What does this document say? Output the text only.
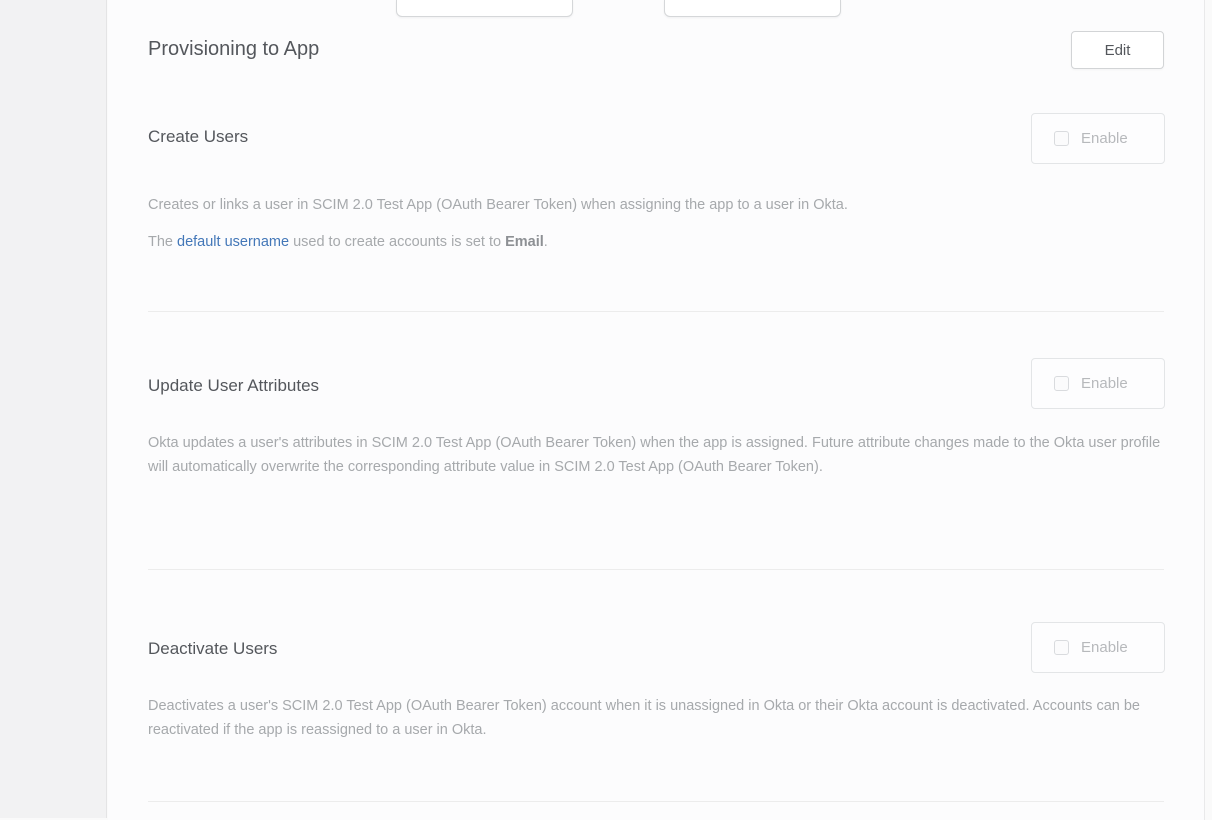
Provisioning to App	Edit
Create Users	Enable
Creates or links a user in SCIM 2.0 Test App (OAuth Bearer Token) when assigning the app to a user in Okta.
The default username used to create accounts is set to Email.
Update User Attributes	Enable
Okta updates a user's attributes in SCIM 2.0 Test App (OAuth Bearer Token) when the app is assigned. Future attribute changes made to the Okta user profile will automatically overwrite the corresponding attribute value in SCIM 2.0 Test App (OAuth Bearer Token).
Deactivate Users	Enable
Deactivates a user's SCIM 2.0 Test App (OAuth Bearer Token) account when it is unassigned in Okta or their Okta account is deactivated. Accounts can be reactivated if the app is reassigned to a user in Okta.
